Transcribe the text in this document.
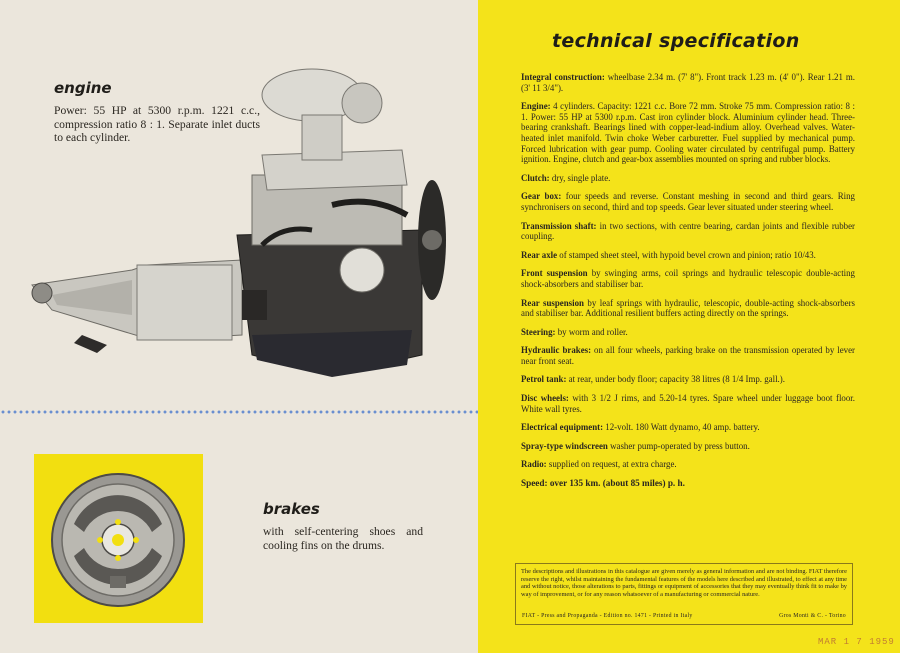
engine
Power: 55 HP at 5300 r.p.m. 1221 c.c., compression ratio 8 : 1. Separate inlet ducts to each cylinder.
brakes
with self-centering shoes and cooling fins on the drums.
technical specification
Integral construction: wheelbase 2.34 m. (7' 8"). Front track 1.23 m. (4' 0"). Rear 1.21 m. (3' 11 3/4").
Engine: 4 cylinders. Capacity: 1221 c.c. Bore 72 mm. Stroke 75 mm. Compression ratio: 8 : 1. Power: 55 HP at 5300 r.p.m. Cast iron cylinder block. Aluminium cylinder head. Three-bearing crankshaft. Bearings lined with copper-lead-indium alloy. Overhead valves. Water-heated inlet manifold. Twin choke Weber carburetter. Fuel supplied by mechanical pump. Forced lubrication with gear pump. Cooling water circulated by centrifugal pump. Battery ignition. Engine, clutch and gear-box assemblies mounted on spring and rubber blocks.
Clutch: dry, single plate.
Gear box: four speeds and reverse. Constant meshing in second and third gears. Ring synchronisers on second, third and top speeds. Gear lever situated under steering wheel.
Transmission shaft: in two sections, with centre bearing, cardan joints and flexible rubber coupling.
Rear axle of stamped sheet steel, with hypoid bevel crown and pinion; ratio 10/43.
Front suspension by swinging arms, coil springs and hydraulic telescopic double-acting shock-absorbers and stabiliser bar.
Rear suspension by leaf springs with hydraulic, telescopic, double-acting shock-absorbers and stabiliser bar. Additional resilient buffers acting directly on the springs.
Steering: by worm and roller.
Hydraulic brakes: on all four wheels, parking brake on the transmission operated by lever near front seat.
Petrol tank: at rear, under body floor; capacity 38 litres (8 1/4 Imp. gall.).
Disc wheels: with 3 1/2 J rims, and 5.20-14 tyres. Spare wheel under luggage boot floor. White wall tyres.
Electrical equipment: 12-volt. 180 Watt dynamo, 40 amp. battery.
Spray-type windscreen washer pump-operated by press button.
Radio: supplied on request, at extra charge.
Speed: over 135 km. (about 85 miles) p. h.
The descriptions and illustrations in this catalogue are given merely as general information and are not binding. FIAT therefore reserve the right, whilst maintaining the fundamental features of the models here described and illustrated, to effect at any time and without notice, those alterations to parts, fittings or equipment of accessories that they may eventually think fit to make by way of improvement, or for any reason whatsoever of a manufacturing or commercial nature.
FIAT - Press and Propaganda - Edition no. 1471 - Printed in Italy	Gros Monti & C. - Torino
MAR 1 7 1959
